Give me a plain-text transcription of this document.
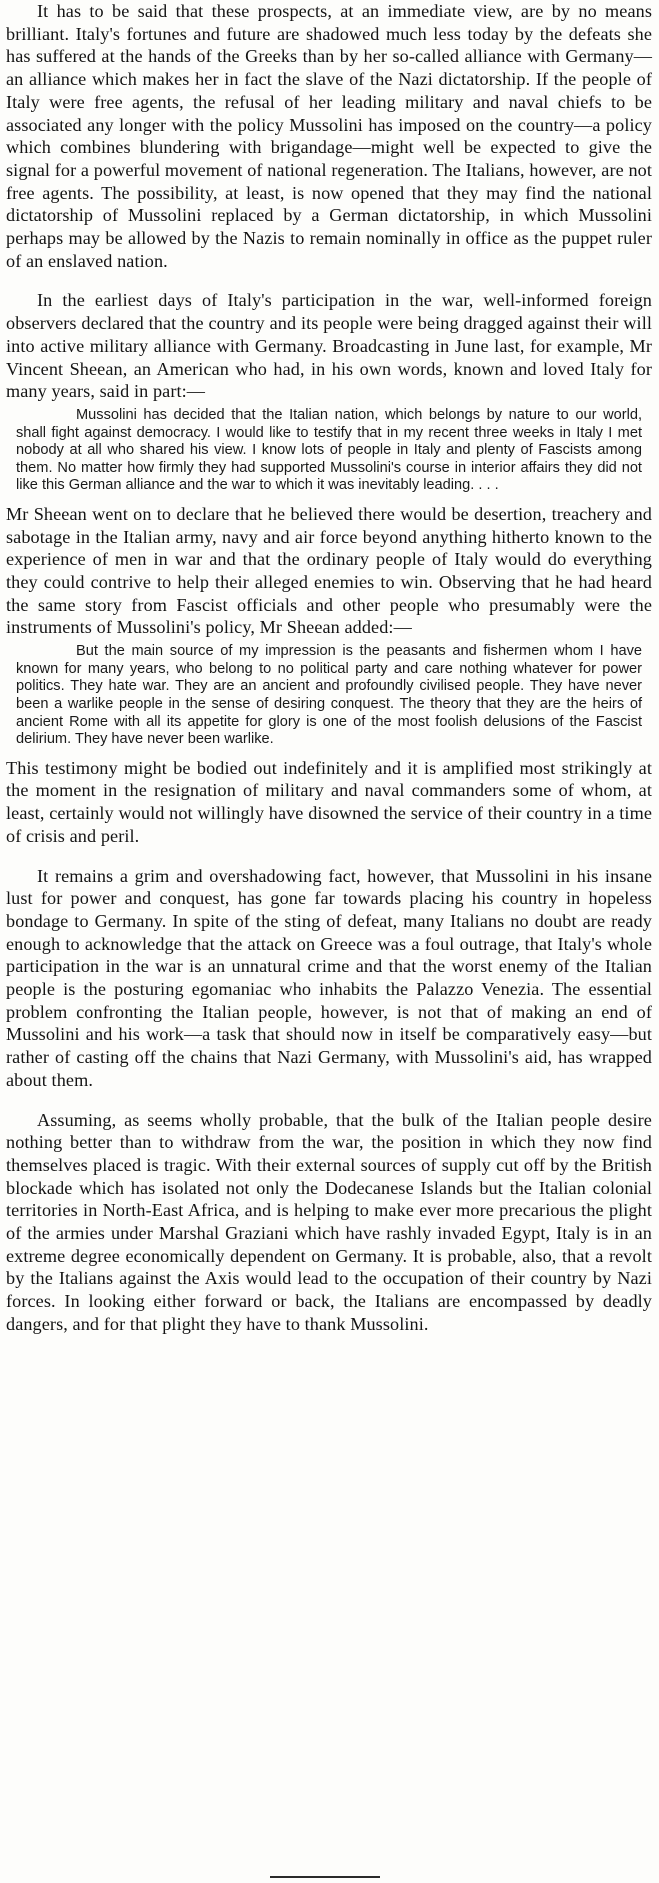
It has to be said that these prospects, at an immediate view, are by no means brilliant. Italy's fortunes and future are shadowed much less today by the defeats she has suffered at the hands of the Greeks than by her so-called alliance with Germany—an alliance which makes her in fact the slave of the Nazi dictatorship. If the people of Italy were free agents, the refusal of her leading military and naval chiefs to be associated any longer with the policy Mussolini has imposed on the country—a policy which combines blundering with brigandage—might well be expected to give the signal for a powerful movement of national regeneration. The Italians, however, are not free agents. The possibility, at least, is now opened that they may find the national dictatorship of Mussolini replaced by a German dictatorship, in which Mussolini perhaps may be allowed by the Nazis to remain nominally in office as the puppet ruler of an enslaved nation.

In the earliest days of Italy's participation in the war, well-informed foreign observers declared that the country and its people were being dragged against their will into active military alliance with Germany. Broadcasting in June last, for example, Mr Vincent Sheean, an American who had, in his own words, known and loved Italy for many years, said in part:—

Mussolini has decided that the Italian nation, which belongs by nature to our world, shall fight against democracy. I would like to testify that in my recent three weeks in Italy I met nobody at all who shared his view. I know lots of people in Italy and plenty of Fascists among them. No matter how firmly they had supported Mussolini's course in interior affairs they did not like this German alliance and the war to which it was inevitably leading. . . .

Mr Sheean went on to declare that he believed there would be desertion, treachery and sabotage in the Italian army, navy and air force beyond anything hitherto known to the experience of men in war and that the ordinary people of Italy would do everything they could contrive to help their alleged enemies to win. Observing that he had heard the same story from Fascist officials and other people who presumably were the instruments of Mussolini's policy, Mr Sheean added:—

But the main source of my impression is the peasants and fishermen whom I have known for many years, who belong to no political party and care nothing whatever for power politics. They hate war. They are an ancient and profoundly civilised people. They have never been a warlike people in the sense of desiring conquest. The theory that they are the heirs of ancient Rome with all its appetite for glory is one of the most foolish delusions of the Fascist delirium. They have never been warlike.

This testimony might be bodied out indefinitely and it is amplified most strikingly at the moment in the resignation of military and naval commanders some of whom, at least, certainly would not willingly have disowned the service of their country in a time of crisis and peril.

It remains a grim and overshadowing fact, however, that Mussolini in his insane lust for power and conquest, has gone far towards placing his country in hopeless bondage to Germany. In spite of the sting of defeat, many Italians no doubt are ready enough to acknowledge that the attack on Greece was a foul outrage, that Italy's whole participation in the war is an unnatural crime and that the worst enemy of the Italian people is the posturing egomaniac who inhabits the Palazzo Venezia. The essential problem confronting the Italian people, however, is not that of making an end of Mussolini and his work—a task that should now in itself be comparatively easy—but rather of casting off the chains that Nazi Germany, with Mussolini's aid, has wrapped about them.

Assuming, as seems wholly probable, that the bulk of the Italian people desire nothing better than to withdraw from the war, the position in which they now find themselves placed is tragic. With their external sources of supply cut off by the British blockade which has isolated not only the Dodecanese Islands but the Italian colonial territories in North-East Africa, and is helping to make ever more precarious the plight of the armies under Marshal Graziani which have rashly invaded Egypt, Italy is in an extreme degree economically dependent on Germany. It is probable, also, that a revolt by the Italians against the Axis would lead to the occupation of their country by Nazi forces. In looking either forward or back, the Italians are encompassed by deadly dangers, and for that plight they have to thank Mussolini.
